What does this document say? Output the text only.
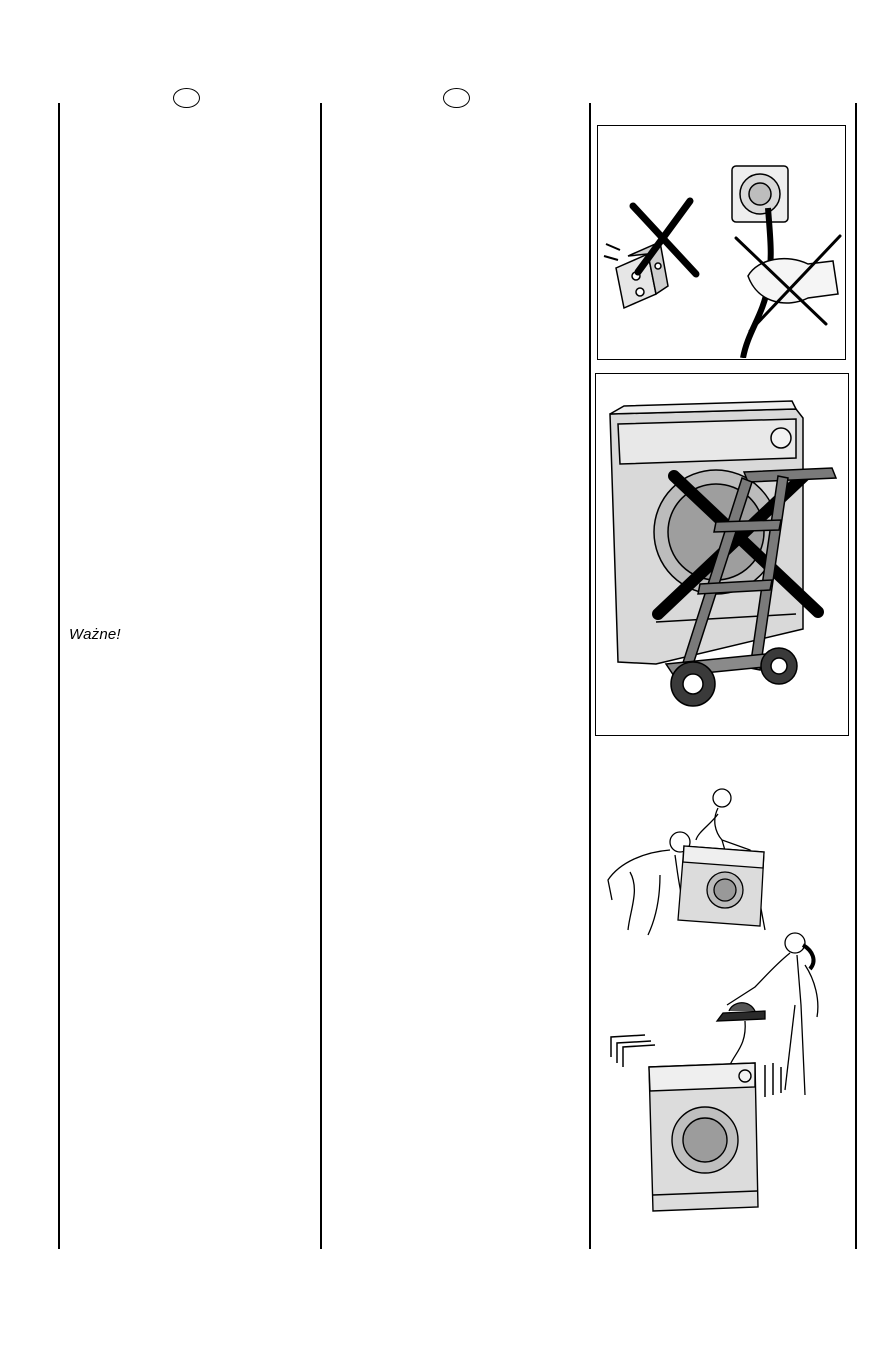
Ważne!
